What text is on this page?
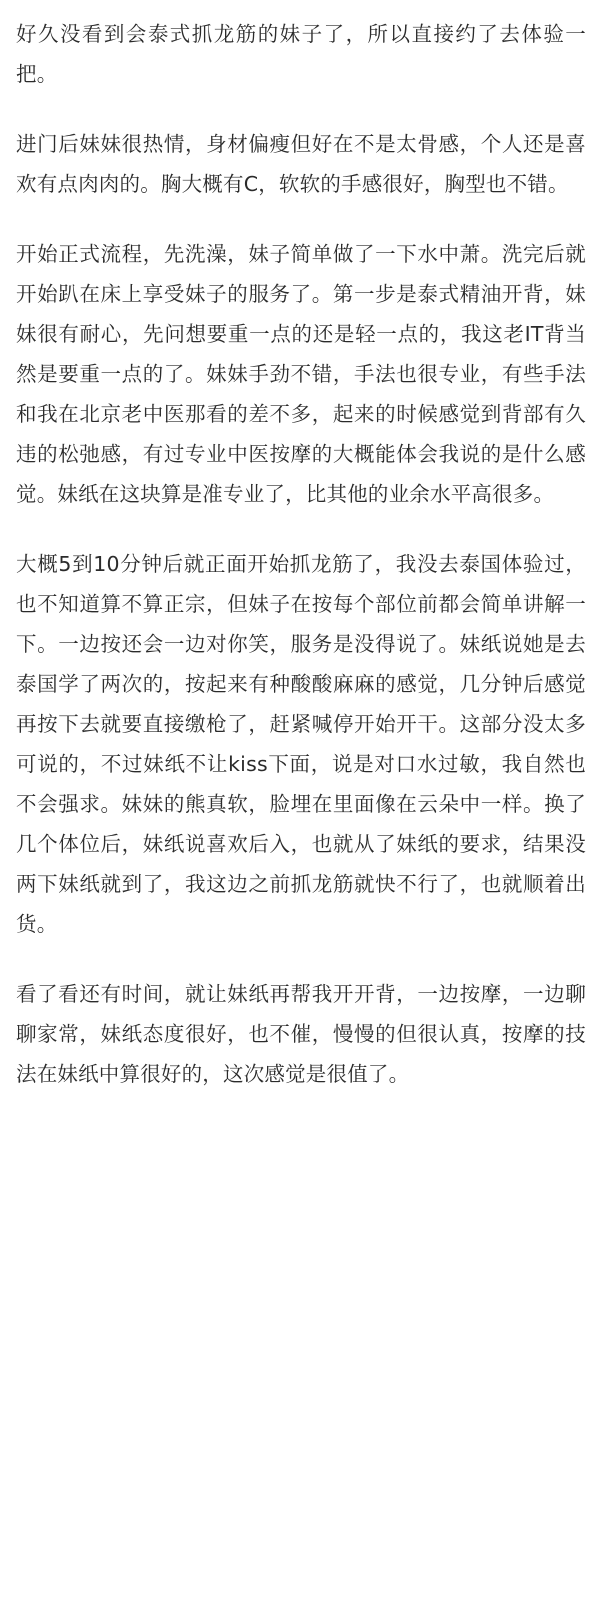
好久没看到会泰式抓龙筋的妹子了，所以直接约了去体验一把。

进门后妹妹很热情，身材偏瘦但好在不是太骨感，个人还是喜欢有点肉肉的。胸大概有C，软软的手感很好，胸型也不错。

开始正式流程，先洗澡，妹子简单做了一下水中萧。洗完后就开始趴在床上享受妹子的服务了。第一步是泰式精油开背，妹妹很有耐心，先问想要重一点的还是轻一点的，我这老IT背当然是要重一点的了。妹妹手劲不错，手法也很专业，有些手法和我在北京老中医那看的差不多，起来的时候感觉到背部有久违的松弛感，有过专业中医按摩的大概能体会我说的是什么感觉。妹纸在这块算是准专业了，比其他的业余水平高很多。

大概5到10分钟后就正面开始抓龙筋了，我没去泰国体验过，也不知道算不算正宗，但妹子在按每个部位前都会简单讲解一下。一边按还会一边对你笑，服务是没得说了。妹纸说她是去泰国学了两次的，按起来有种酸酸麻麻的感觉，几分钟后感觉再按下去就要直接缴枪了，赶紧喊停开始开干。这部分没太多可说的，不过妹纸不让kiss下面，说是对口水过敏，我自然也不会强求。妹妹的熊真软，脸埋在里面像在云朵中一样。换了几个体位后，妹纸说喜欢后入，也就从了妹纸的要求，结果没两下妹纸就到了，我这边之前抓龙筋就快不行了，也就顺着出货。

看了看还有时间，就让妹纸再帮我开开背，一边按摩，一边聊聊家常，妹纸态度很好，也不催，慢慢的但很认真，按摩的技法在妹纸中算很好的，这次感觉是很值了。
